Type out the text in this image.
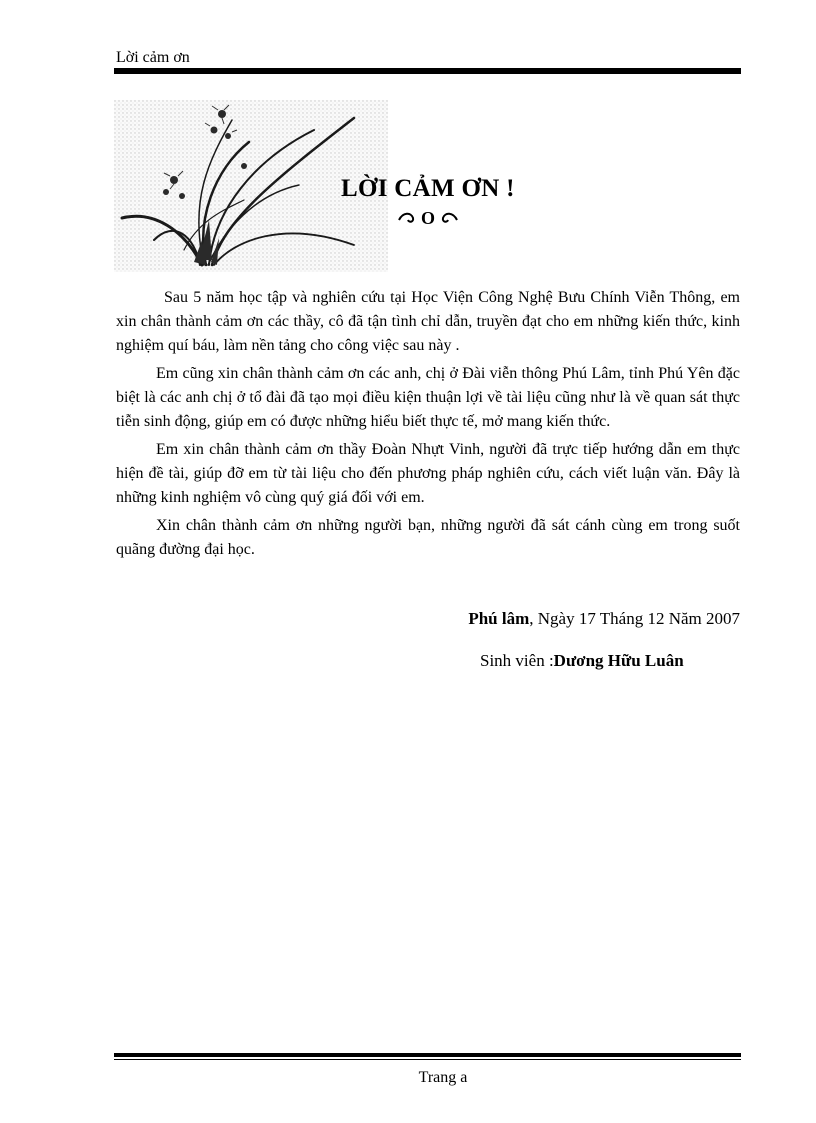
Lời cảm ơn
LỜI CẢM ƠN !
O

Sau 5 năm học tập và nghiên cứu tại Học Viện Công Nghệ Bưu Chính Viễn Thông, em xin chân thành cảm ơn các thầy, cô đã tận tình chỉ dẫn, truyền đạt cho em những kiến thức, kinh nghiệm quí báu, làm nền tảng cho công việc sau này .

Em cũng xin chân thành cảm ơn các anh, chị ở Đài viễn thông Phú Lâm, tỉnh Phú Yên đặc biệt là các anh chị ở tổ đài đã tạo mọi điều kiện thuận lợi về tài liệu cũng như là về quan sát thực tiễn sinh động, giúp em có được những hiểu biết thực tế, mở mang kiến thức.

Em xin chân thành cảm ơn thầy Đoàn Nhựt Vinh, người đã trực tiếp hướng dẫn em thực hiện đề tài, giúp đỡ em từ tài liệu cho đến phương pháp nghiên cứu, cách viết luận văn. Đây là những kinh nghiệm vô cùng quý giá đối với em.

Xin chân thành cảm ơn những người bạn, những người đã sát cánh cùng em trong suốt quãng đường đại học.

Phú lâm, Ngày 17 Tháng 12 Năm 2007
Sinh viên :Dương Hữu Luân
Trang a
